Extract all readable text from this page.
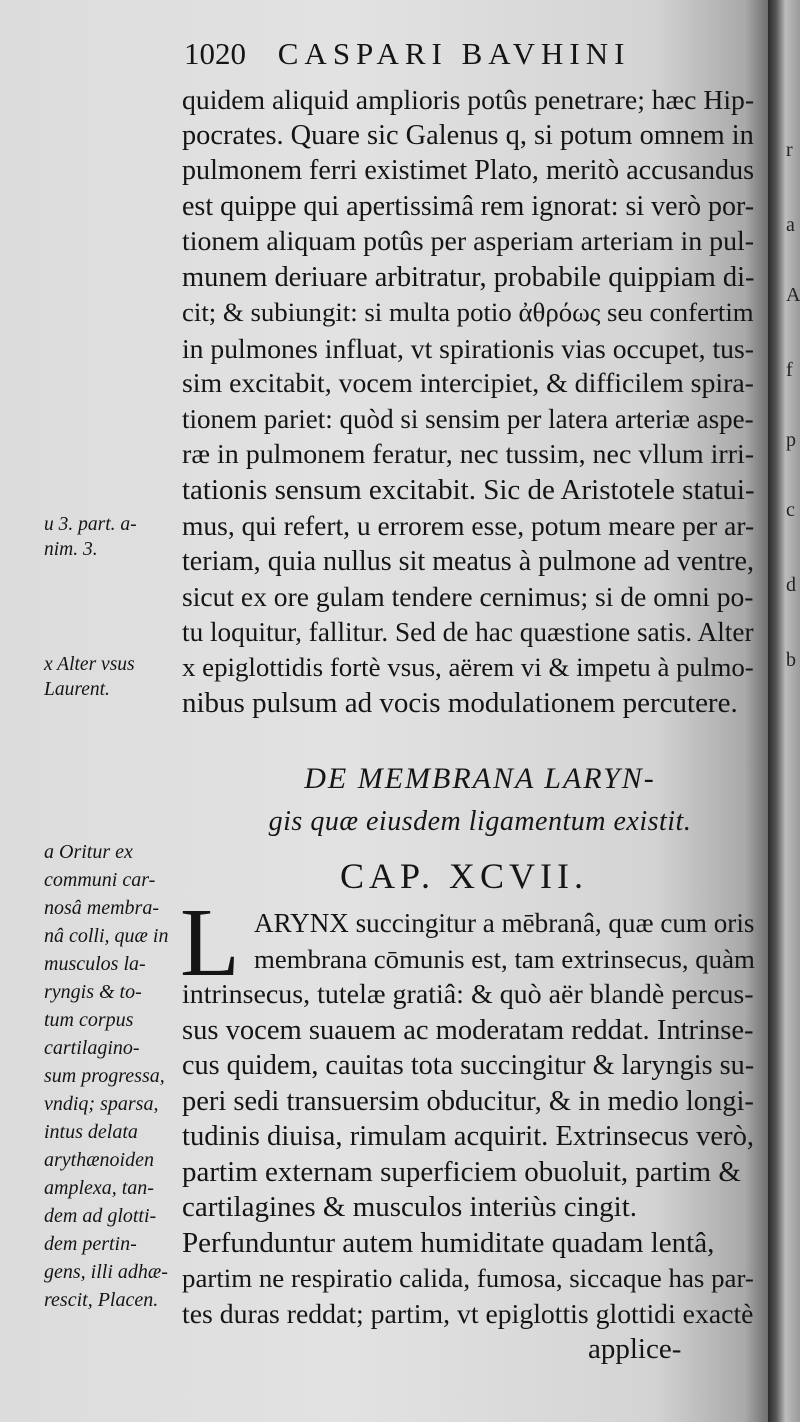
r
a
A
f
p
c
d
b
1020 CASPARI BAVHINI
quidem aliquid amplioris potûs penetrare; hæc Hip-
pocrates. Quare sic Galenus q, si potum omnem in
pulmonem ferri existimet Plato, meritò accusandus
est quippe qui apertissimâ rem ignorat: si verò por-
tionem aliquam potûs per asperiam arteriam in pul-
munem deriuare arbitratur, probabile quippiam di-
cit; & subiungit: si multa potio ἀθρόως seu confertim
in pulmones influat, vt spirationis vias occupet, tus-
sim excitabit, vocem intercipiet, & difficilem spira-
tionem pariet: quòd si sensim per latera arteriæ aspe-
ræ in pulmonem feratur, nec tussim, nec vllum irri-
tationis sensum excitabit. Sic de Aristotele statui-
mus, qui refert, u errorem esse, potum meare per ar-
teriam, quia nullus sit meatus à pulmone ad ventre,
sicut ex ore gulam tendere cernimus; si de omni po-
tu loquitur, fallitur. Sed de hac quæstione satis. Alter
x epiglottidis fortè vsus, aërem vi & impetu à pulmo-
nibus pulsum ad vocis modulationem percutere.
u 3. part. a-
nim. 3.
x Alter vsus
Laurent.
DE MEMBRANA LARYN-
gis quæ eiusdem ligamentum existit.
CAP. XCVII.
a Oritur ex
communi car-
nosâ membra-
nâ colli, quæ in
musculos la-
ryngis & to-
tum corpus
cartilagino-
sum progressa,
vndiq; sparsa,
intus delata
arythænoiden
amplexa, tan-
dem ad glotti-
dem pertin-
gens, illi adhæ-
rescit, Placen.
L ARYNX succingitur a mēbranâ, quæ cum oris
membrana cōmunis est, tam extrinsecus, quàm
intrinsecus, tutelæ gratiâ: & quò aër blandè percus-
sus vocem suauem ac moderatam reddat. Intrinse-
cus quidem, cauitas tota succingitur & laryngis su-
peri sedi transuersim obducitur, & in medio longi-
tudinis diuisa, rimulam acquirit. Extrinsecus verò,
partim externam superficiem obuoluit, partim &
cartilagines & musculos interiùs cingit.
Perfunduntur autem humiditate quadam lentâ,
partim ne respiratio calida, fumosa, siccaque has par-
tes duras reddat; partim, vt epiglottis glottidi exactè
applice-
